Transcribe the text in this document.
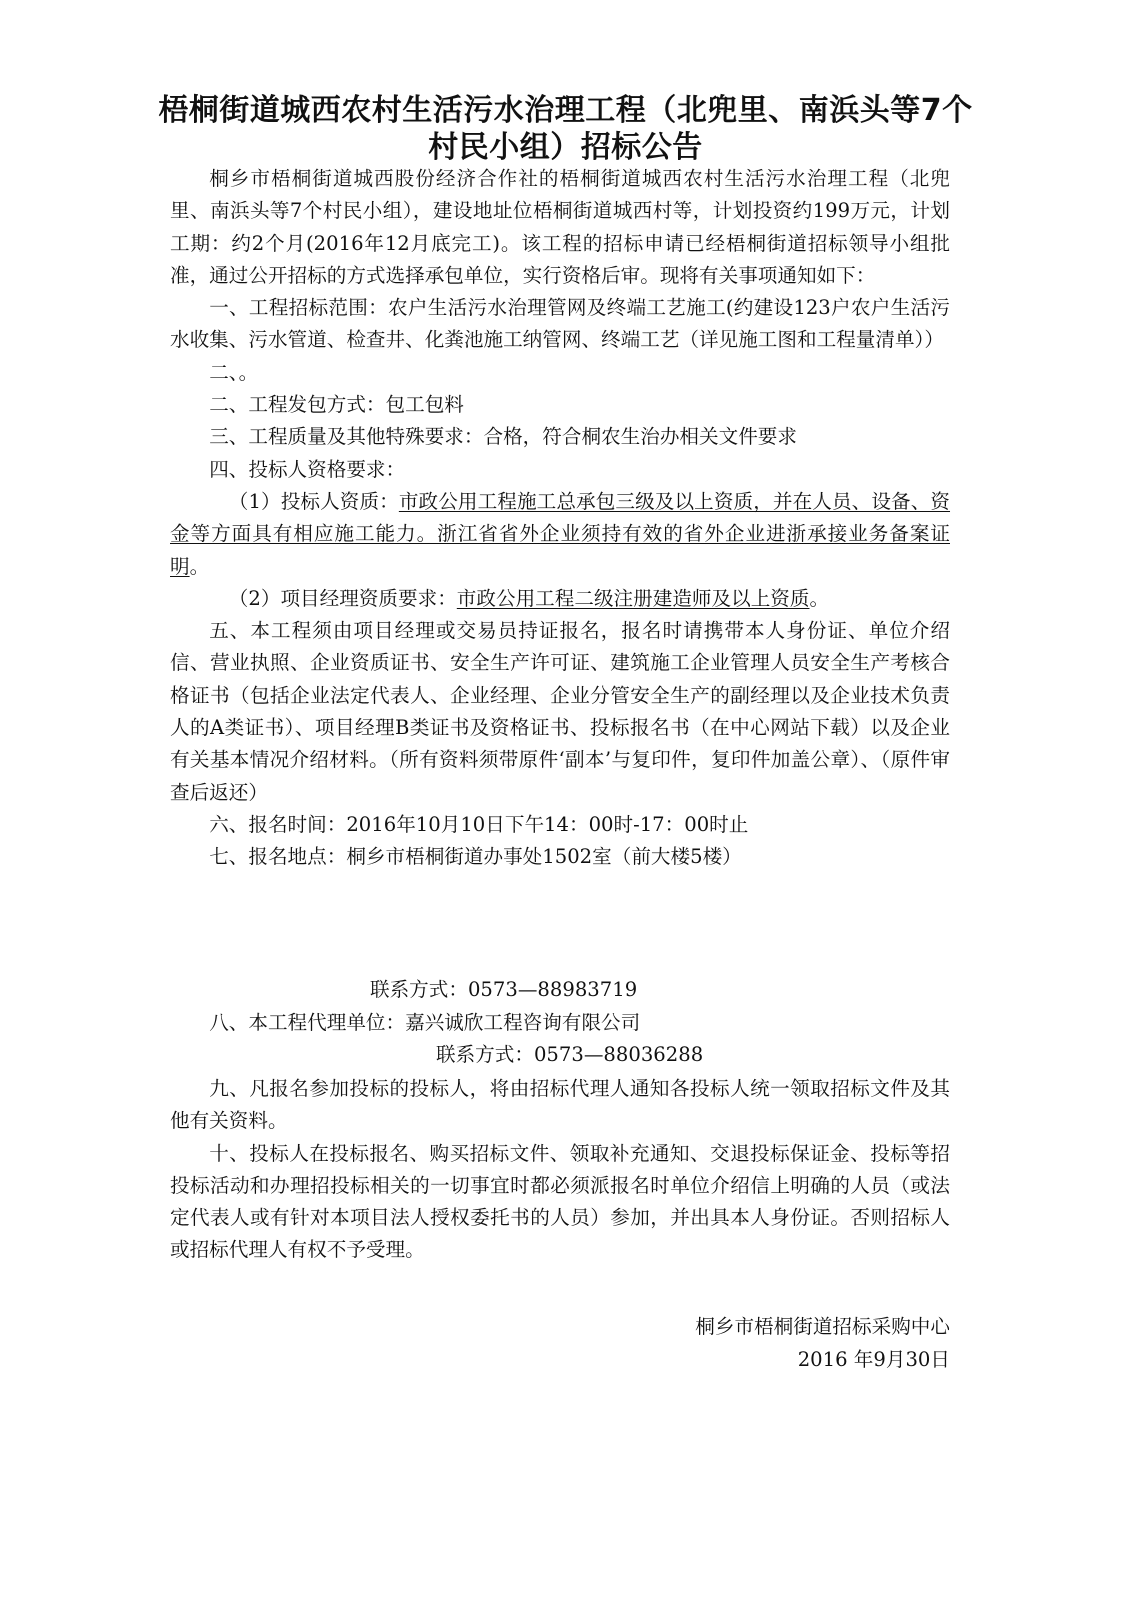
梧桐街道城西农村生活污水治理工程（北兜里、南浜头等7个村民小组）招标公告

桐乡市梧桐街道城西股份经济合作社的梧桐街道城西农村生活污水治理工程（北兜里、南浜头等7个村民小组），建设地址位梧桐街道城西村等，计划投资约199万元，计划工期：约2个月(2016年12月底完工)。该工程的招标申请已经梧桐街道招标领导小组批准，通过公开招标的方式选择承包单位，实行资格后审。现将有关事项通知如下：

一、工程招标范围：农户生活污水治理管网及终端工艺施工(约建设123户农户生活污水收集、污水管道、检查井、化粪池施工纳管网、终端工艺（详见施工图和工程量清单））

二、。

二、工程发包方式：包工包料

三、工程质量及其他特殊要求：合格，符合桐农生治办相关文件要求

四、投标人资格要求：

（1）投标人资质：市政公用工程施工总承包三级及以上资质，并在人员、设备、资金等方面具有相应施工能力。浙江省省外企业须持有效的省外企业进浙承接业务备案证明。

（2）项目经理资质要求：市政公用工程二级注册建造师及以上资质。

五、本工程须由项目经理或交易员持证报名，报名时请携带本人身份证、单位介绍信、营业执照、企业资质证书、安全生产许可证、建筑施工企业管理人员安全生产考核合格证书（包括企业法定代表人、企业经理、企业分管安全生产的副经理以及企业技术负责人的A类证书）、项目经理B类证书及资格证书、投标报名书（在中心网站下载）以及企业有关基本情况介绍材料。（所有资料须带原件‘副本’与复印件，复印件加盖公章）、（原件审查后返还）

六、报名时间：2016年10月10日下午14：00时-17：00时止

七、报名地点：桐乡市梧桐街道办事处1502室（前大楼5楼）

联系方式：0573—88983719

八、本工程代理单位：嘉兴诚欣工程咨询有限公司

联系方式：0573—88036288

九、凡报名参加投标的投标人，将由招标代理人通知各投标人统一领取招标文件及其他有关资料。

十、投标人在投标报名、购买招标文件、领取补充通知、交退投标保证金、投标等招投标活动和办理招投标相关的一切事宜时都必须派报名时单位介绍信上明确的人员（或法定代表人或有针对本项目法人授权委托书的人员）参加，并出具本人身份证。否则招标人或招标代理人有权不予受理。

桐乡市梧桐街道招标采购中心
2016 年9月30日
